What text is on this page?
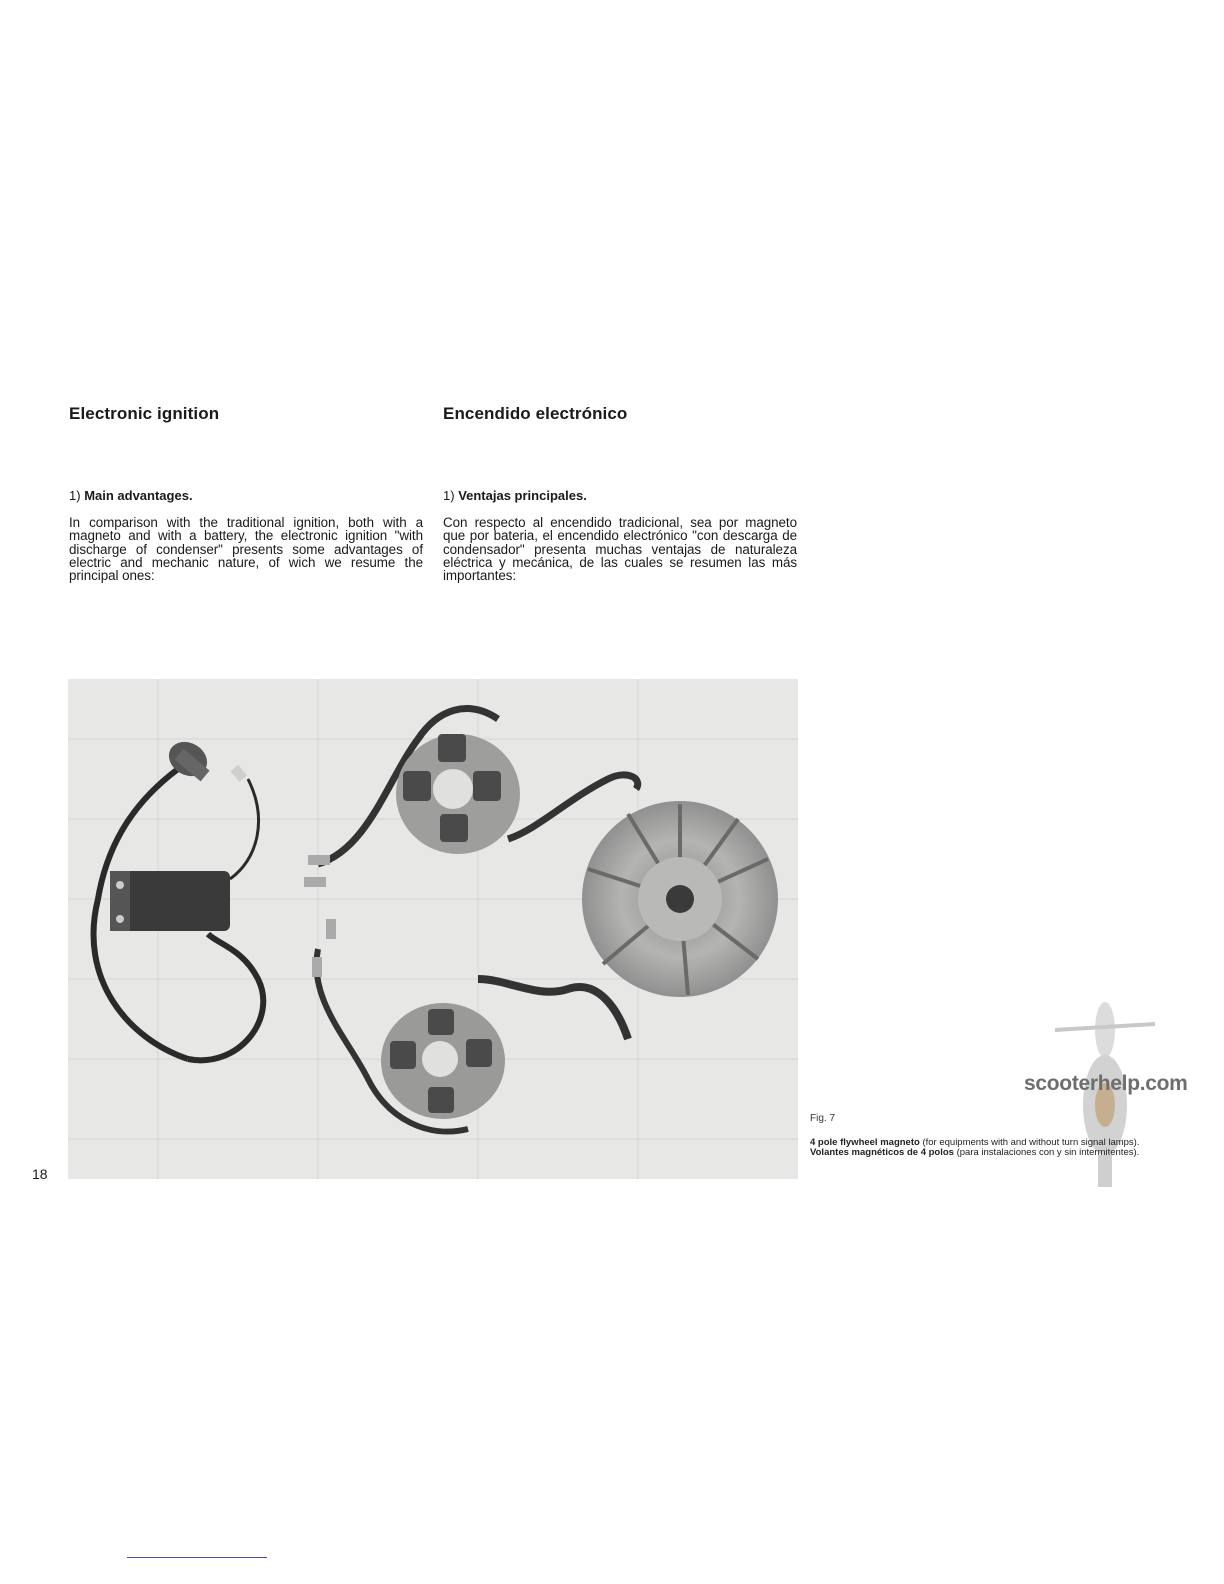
Electronic ignition
1) Main advantages.
In comparison with the traditional ignition, both with a magneto and with a battery, the electronic ignition "with discharge of condenser" presents some advantages of electric and mechanic nature, of wich we resume the principal ones:
Encendido electrónico
1) Ventajas principales.
Con respecto al encendido tradicional, sea por magneto que por bateria, el encendido electrónico "con descarga de condensador" presenta muchas ventajas de naturaleza eléctrica y mecánica, de las cuales se resumen las más importantes:
18
scooterhelp.com
Fig. 7
4 pole flywheel magneto (for equipments with and without turn signal lamps).
Volantes magnéticos de 4 polos (para instalaciones con y sin intermitentes).
